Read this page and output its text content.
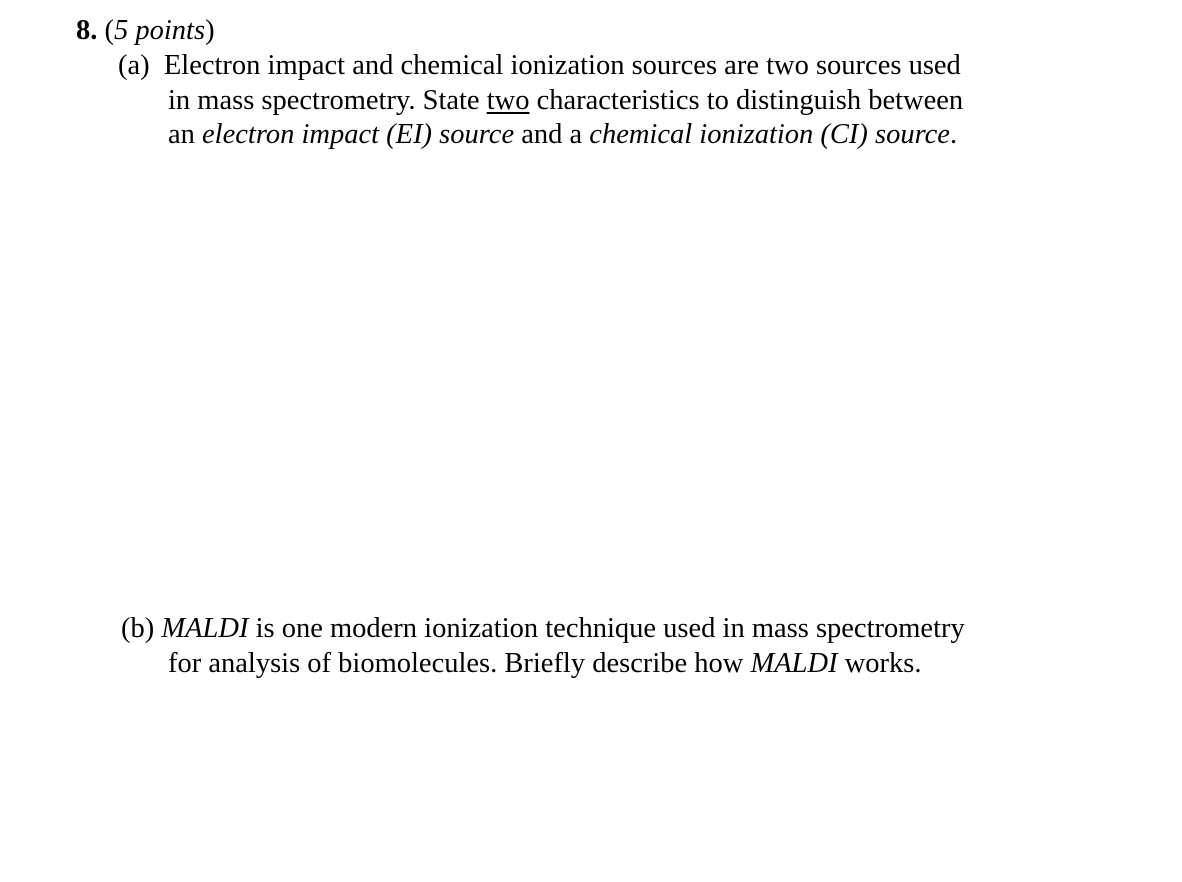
8. (5 points)
(a) Electron impact and chemical ionization sources are two sources used
in mass spectrometry. State two characteristics to distinguish between
an electron impact (EI) source and a chemical ionization (CI) source.
(b) MALDI is one modern ionization technique used in mass spectrometry
for analysis of biomolecules. Briefly describe how MALDI works.
